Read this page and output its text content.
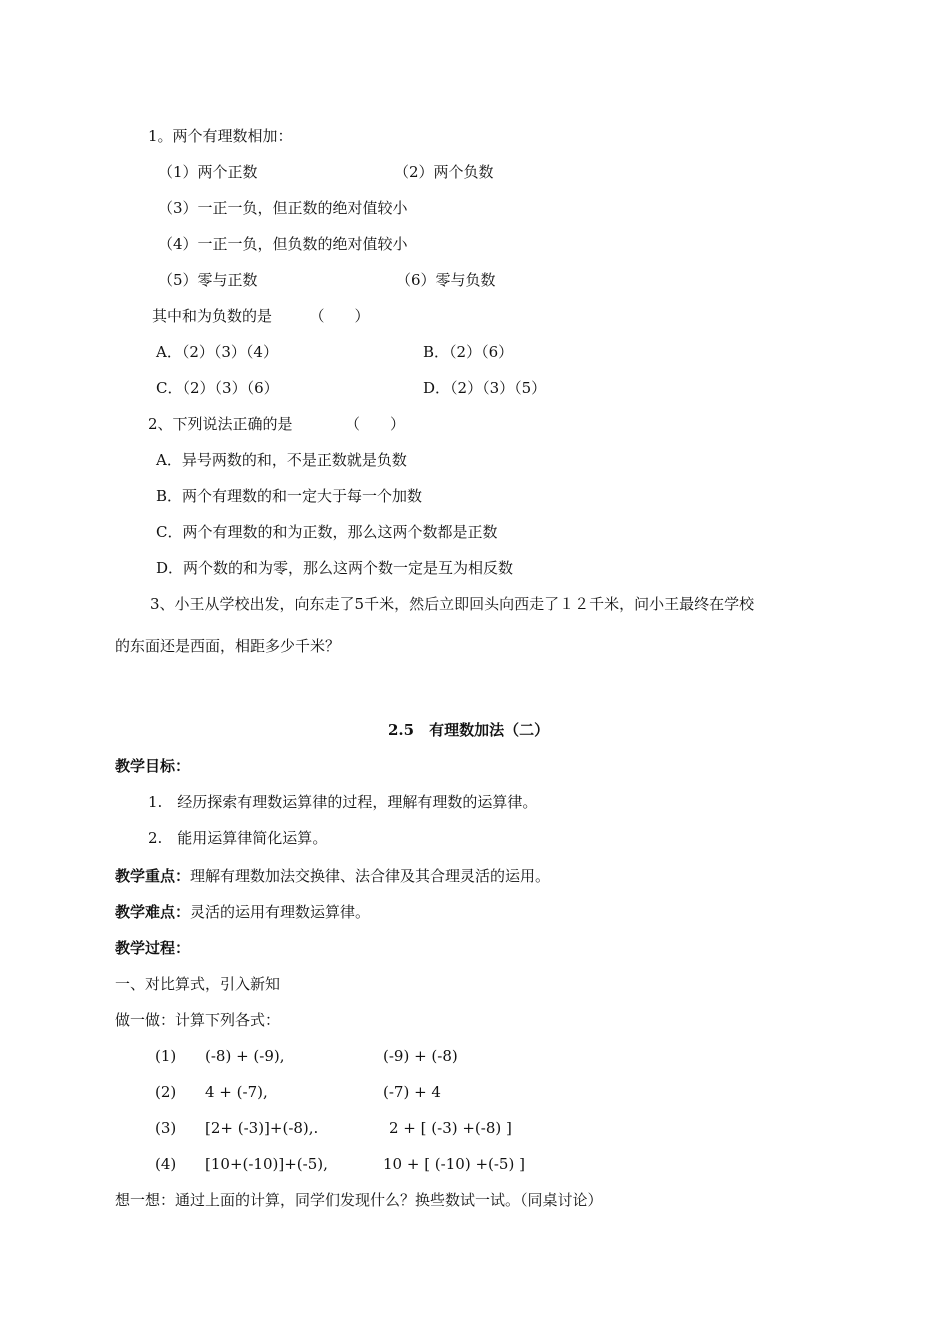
1。两个有理数相加：
（1）两个正数	（2）两个负数
（3）一正一负，但正数的绝对值较小
（4）一正一负，但负数的绝对值较小
（5）零与正数	（6）零与负数
其中和为负数的是　　　（　　）
A．（2）（3）（4）	B．（2）（6）
C．（2）（3）（6）	D．（2）（3）（5）
2、下列说法正确的是　　　　（　　）
A．异号两数的和，不是正数就是负数
B．两个有理数的和一定大于每一个加数
C．两个有理数的和为正数，那么这两个数都是正数
D．两个数的和为零，那么这两个数一定是互为相反数
3、小王从学校出发，向东走了5千米，然后立即回头向西走了１２千米，问小王最终在学校
的东面还是西面，相距多少千米？
2.5　有理数加法（二）
教学目标：
1.　经历探索有理数运算律的过程，理解有理数的运算律。
2.　能用运算律简化运算。
教学重点：理解有理数加法交换律、法合律及其合理灵活的运用。
教学难点：灵活的运用有理数运算律。
教学过程：
一、对比算式，引入新知
做一做：计算下列各式：
(1) (-8) + (-9),	(-9) + (-8)
(2) 4 + (-7),	(-7) + 4
(3) [2+ (-3)]+(-8),.	2 + [ (-3) +(-8) ]
(4) [10+(-10)]+(-5),	10 + [ (-10) +(-5) ]
想一想：通过上面的计算，同学们发现什么？换些数试一试。（同桌讨论）
